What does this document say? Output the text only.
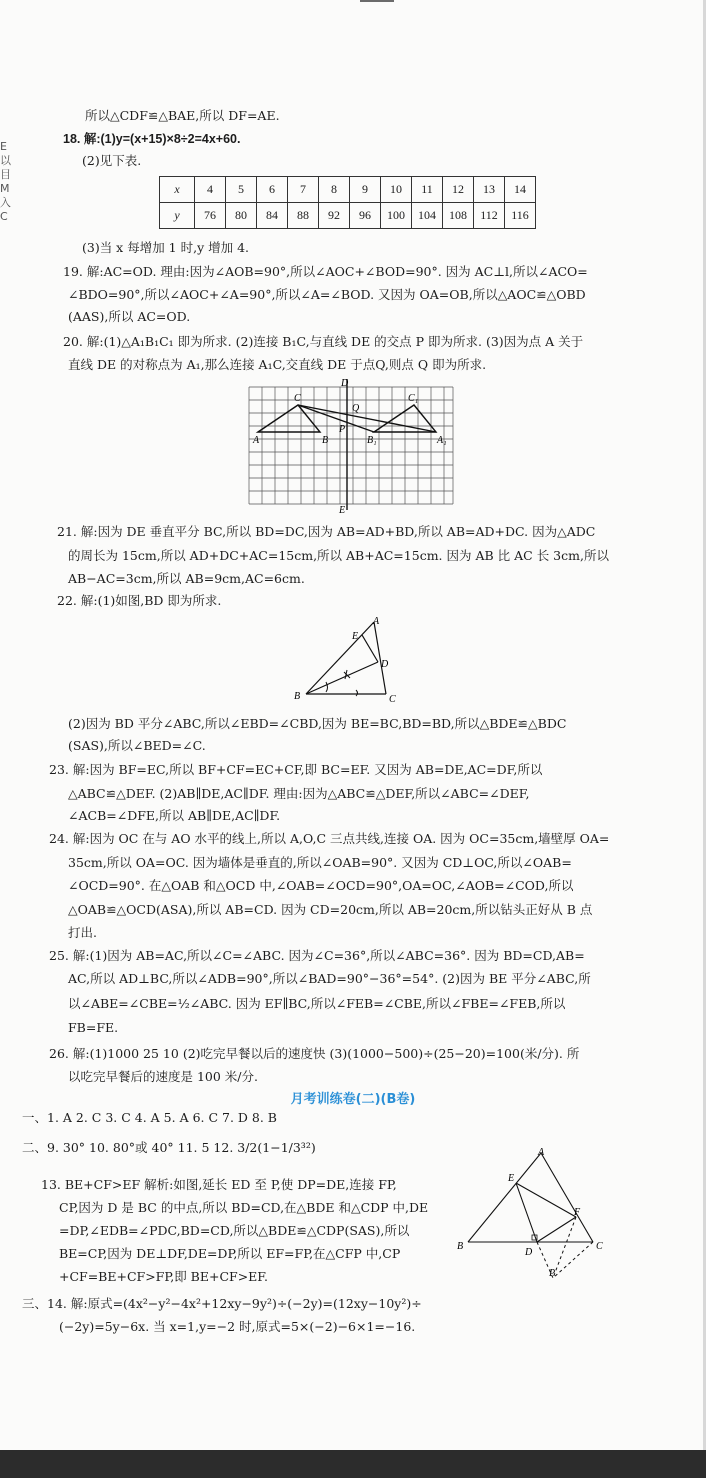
E 以 目 M 入 C
所以△CDF≌△BAE,所以 DF=AE.
18. 解:(1)y=(x+15)×8÷2=4x+60.
(2)见下表.
x	4	5	6	7	8	9	10	11	12	13	14
y	76	80	84	88	92	96	100	104	108	112	116
(3)当 x 每增加 1 时,y 增加 4.
19. 解:AC=OD. 理由:因为∠AOB=90°,所以∠AOC+∠BOD=90°. 因为 AC⊥l,所以∠ACO=
∠BDO=90°,所以∠AOC+∠A=90°,所以∠A=∠BOD. 又因为 OA=OB,所以△AOC≌△OBD
(AAS),所以 AC=OD.
20. 解:(1)△A₁B₁C₁ 即为所求. (2)连接 B₁C,与直线 DE 的交点 P 即为所求. (3)因为点 A 关于
直线 DE 的对称点为 A₁,那么连接 A₁C,交直线 DE 于点Q,则点 Q 即为所求.
D
C
Q
C₁
A	B
P
B₁	A₁
E
21. 解:因为 DE 垂直平分 BC,所以 BD=DC,因为 AB=AD+BD,所以 AB=AD+DC. 因为△ADC
的周长为 15cm,所以 AD+DC+AC=15cm,所以 AB+AC=15cm. 因为 AB 比 AC 长 3cm,所以
AB−AC=3cm,所以 AB=9cm,AC=6cm.
22. 解:(1)如图,BD 即为所求.
A
E
D
B	C
(2)因为 BD 平分∠ABC,所以∠EBD=∠CBD,因为 BE=BC,BD=BD,所以△BDE≌△BDC
(SAS),所以∠BED=∠C.
23. 解:因为 BF=EC,所以 BF+CF=EC+CF,即 BC=EF. 又因为 AB=DE,AC=DF,所以
△ABC≌△DEF. (2)AB∥DE,AC∥DF. 理由:因为△ABC≌△DEF,所以∠ABC=∠DEF,
∠ACB=∠DFE,所以 AB∥DE,AC∥DF.
24. 解:因为 OC 在与 AO 水平的线上,所以 A,O,C 三点共线,连接 OA. 因为 OC=35cm,墙壁厚 OA=
35cm,所以 OA=OC. 因为墙体是垂直的,所以∠OAB=90°. 又因为 CD⊥OC,所以∠OAB=
∠OCD=90°. 在△OAB 和△OCD 中,∠OAB=∠OCD=90°,OA=OC,∠AOB=∠COD,所以
△OAB≌△OCD(ASA),所以 AB=CD. 因为 CD=20cm,所以 AB=20cm,所以钻头正好从 B 点
打出.
25. 解:(1)因为 AB=AC,所以∠C=∠ABC. 因为∠C=36°,所以∠ABC=36°. 因为 BD=CD,AB=
AC,所以 AD⊥BC,所以∠ADB=90°,所以∠BAD=90°−36°=54°. (2)因为 BE 平分∠ABC,所
以∠ABE=∠CBE=½∠ABC. 因为 EF∥BC,所以∠FEB=∠CBE,所以∠FBE=∠FEB,所以
FB=FE.
26. 解:(1)1000 25 10 (2)吃完早餐以后的速度快 (3)(1000−500)÷(25−20)=100(米/分). 所
以吃完早餐后的速度是 100 米/分.
月考训练卷(二)(B卷)
一、1. A 2. C 3. C 4. A 5. A 6. C 7. D 8. B
二、9. 30° 10. 80°或 40° 11. 5 12. 3/2(1−1/3³²)
13. BE+CF>EF 解析:如图,延长 ED 至 P,使 DP=DE,连接 FP,
CP,因为 D 是 BC 的中点,所以 BD=CD,在△BDE 和△CDP 中,DE
=DP,∠EDB=∠PDC,BD=CD,所以△BDE≌△CDP(SAS),所以
BE=CP,因为 DE⊥DF,DE=DP,所以 EF=FP,在△CFP 中,CP
+CF=BE+CF>FP,即 BE+CF>EF.
A
E
F
B
D
C
P
三、14. 解:原式=(4x²−y²−4x²+12xy−9y²)÷(−2y)=(12xy−10y²)÷
(−2y)=5y−6x. 当 x=1,y=−2 时,原式=5×(−2)−6×1=−16.
